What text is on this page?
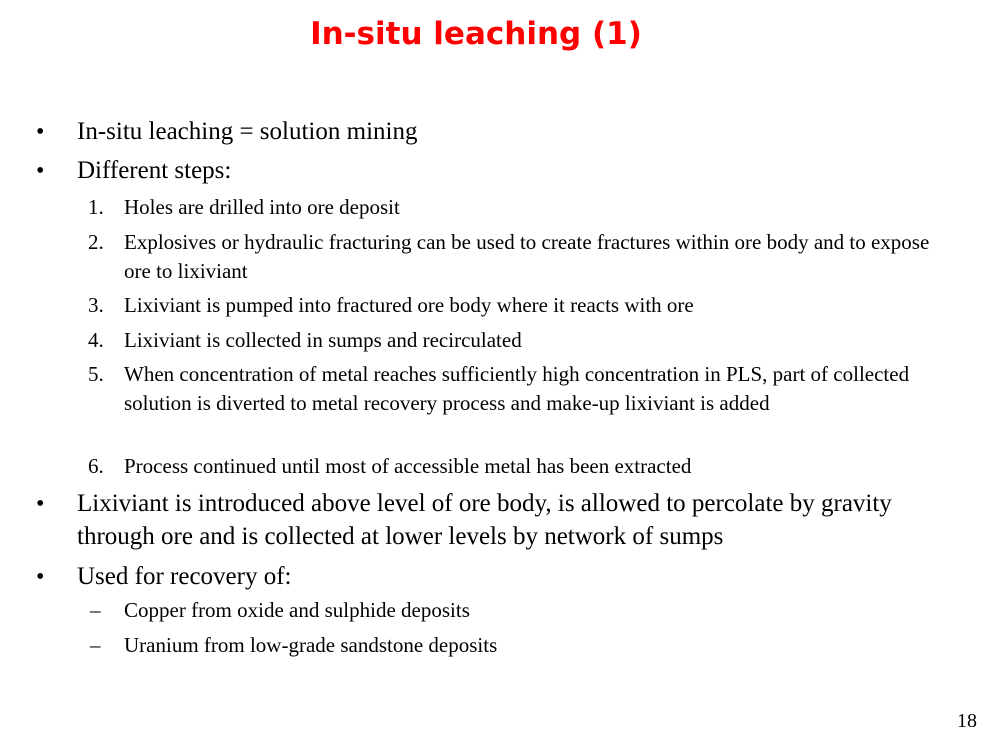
In-situ leaching (1)
• In-situ leaching = solution mining
• Different steps:
1. Holes are drilled into ore deposit
2. Explosives or hydraulic fracturing can be used to create fractures within ore body and to expose ore to lixiviant
3. Lixiviant is pumped into fractured ore body where it reacts with ore
4. Lixiviant is collected in sumps and recirculated
5. When concentration of metal reaches sufficiently high concentration in PLS, part of collected solution is diverted to metal recovery process and make-up lixiviant is added
6. Process continued until most of accessible metal has been extracted
• Lixiviant is introduced above level of ore body, is allowed to percolate by gravity through ore and is collected at lower levels by network of sumps
• Used for recovery of:
– Copper from oxide and sulphide deposits
– Uranium from low-grade sandstone deposits
18
